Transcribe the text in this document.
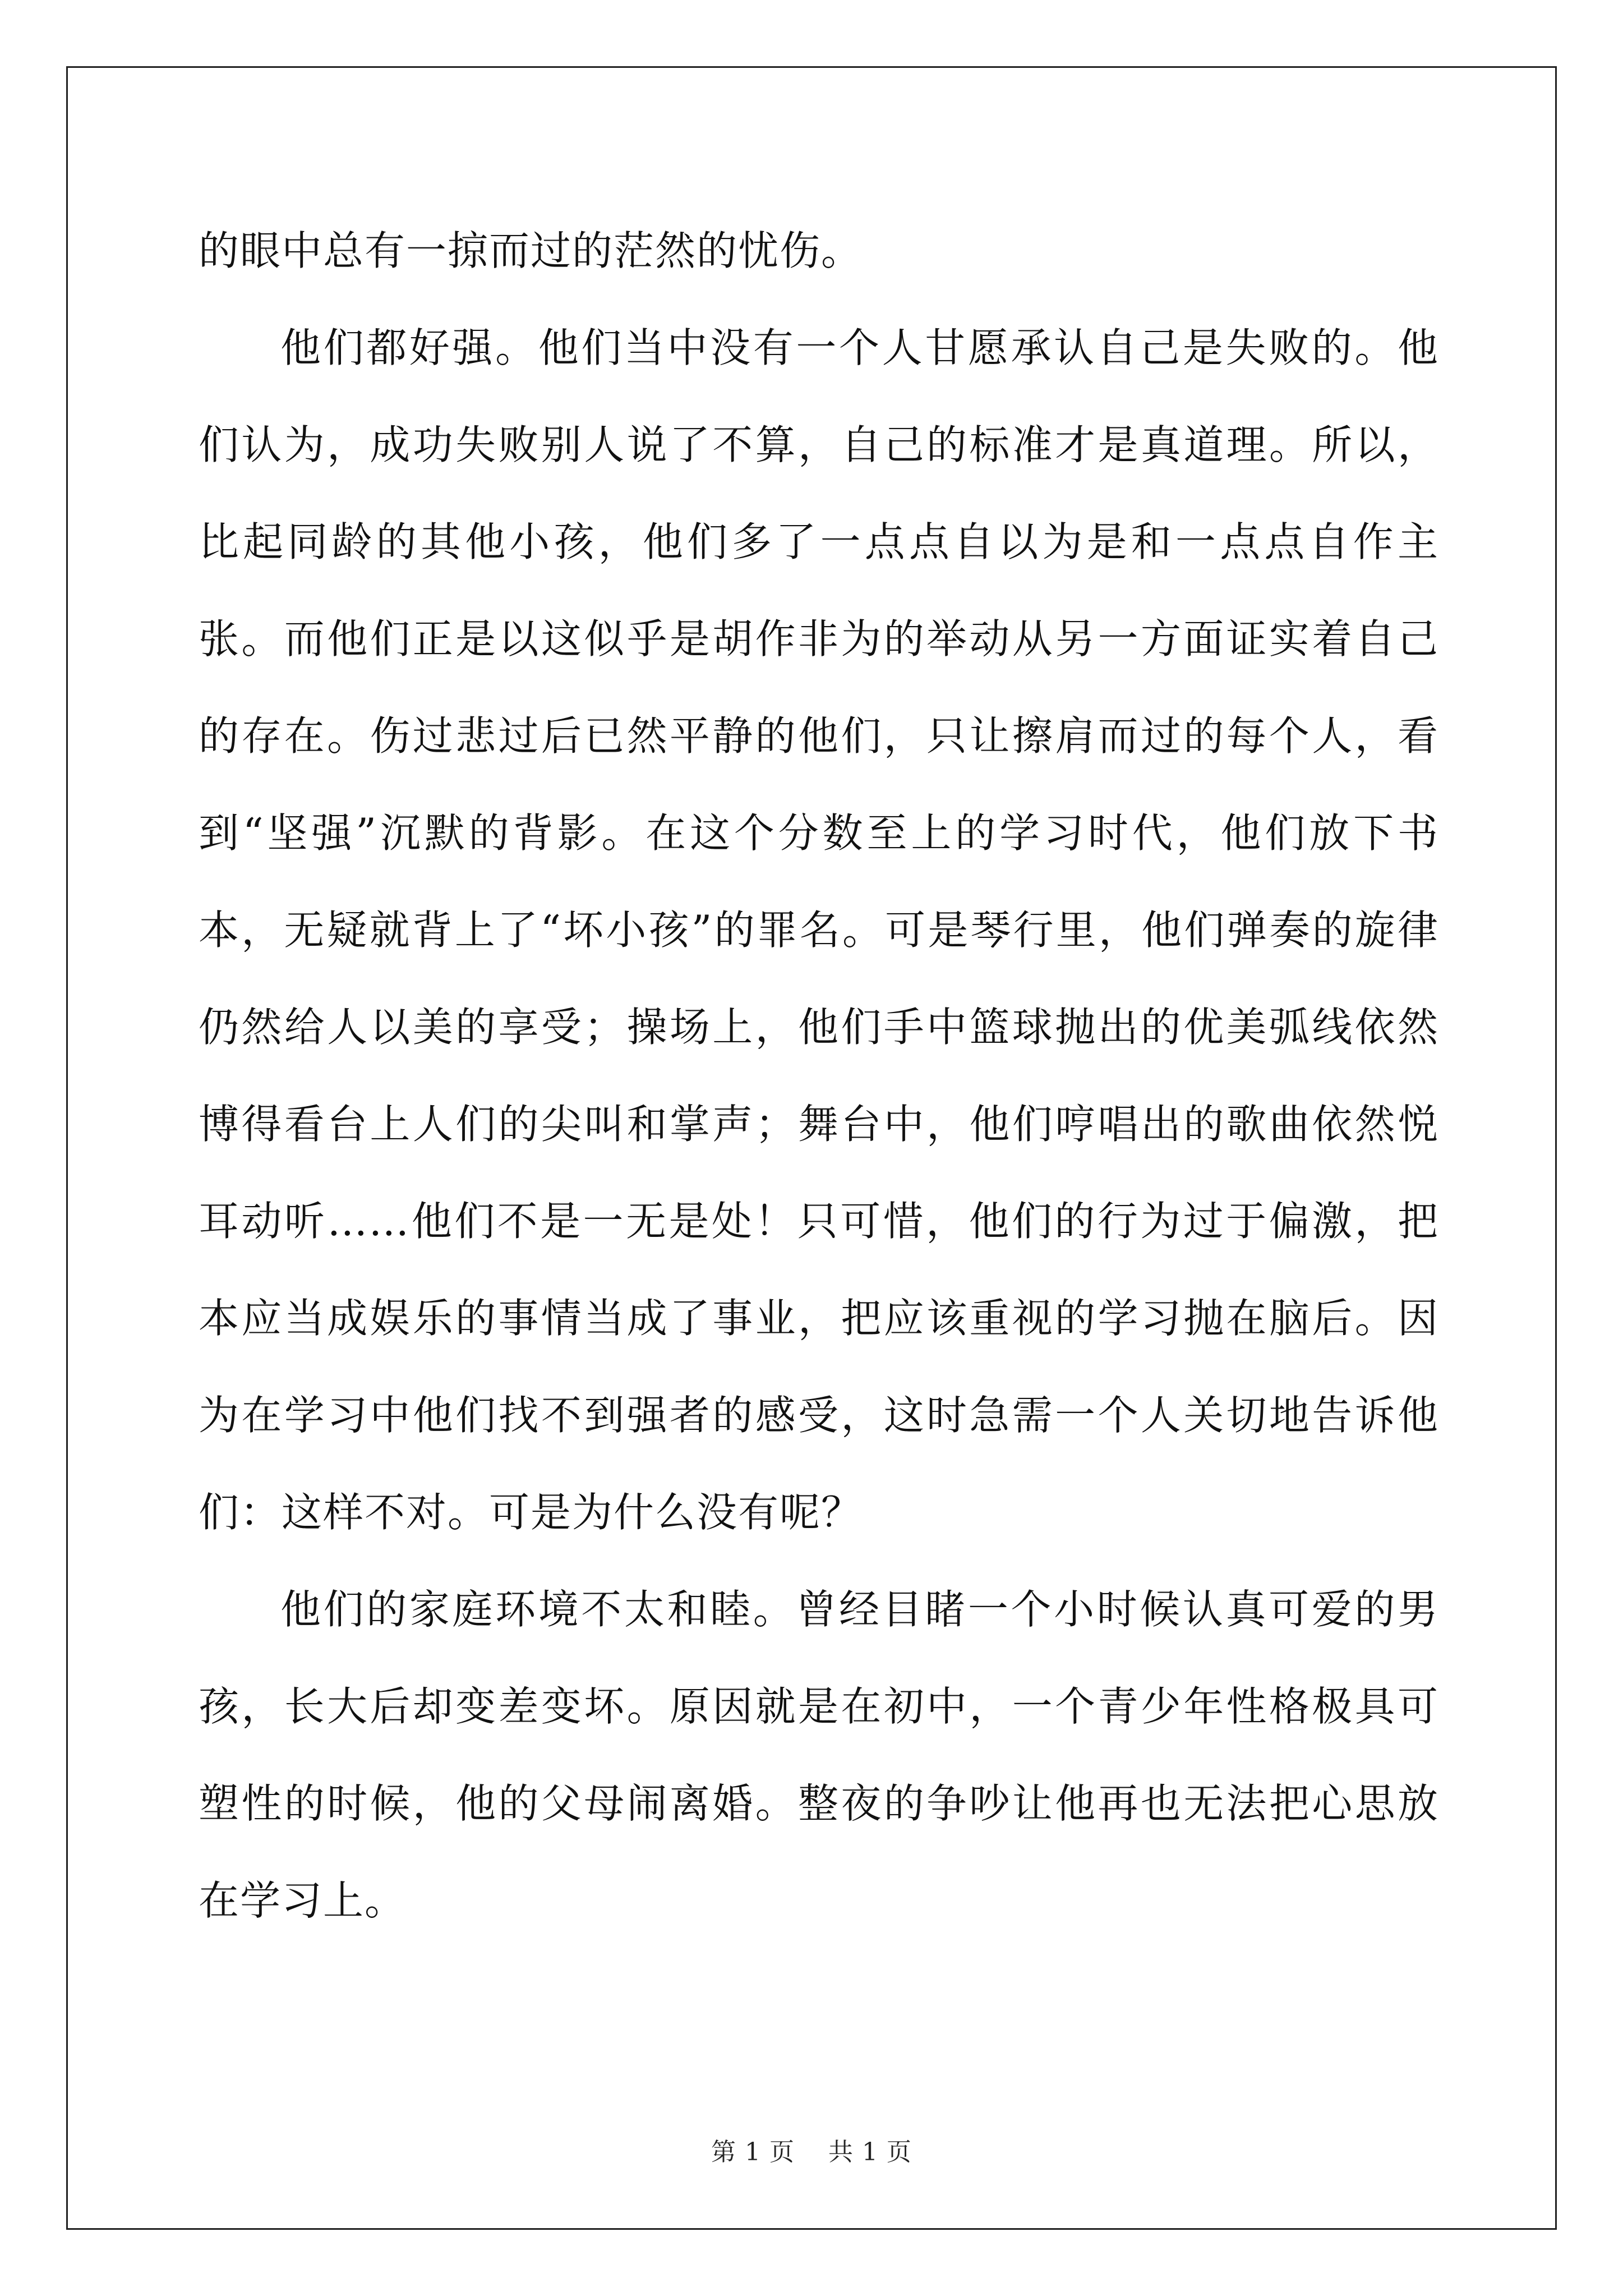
的眼中总有一掠而过的茫然的忧伤。

他们都好强。他们当中没有一个人甘愿承认自己是失败的。他们认为，成功失败别人说了不算，自己的标准才是真道理。所以，比起同龄的其他小孩，他们多了一点点自以为是和一点点自作主张。而他们正是以这似乎是胡作非为的举动从另一方面证实着自己的存在。伤过悲过后已然平静的他们，只让擦肩而过的每个人，看到“坚强”沉默的背影。在这个分数至上的学习时代，他们放下书本，无疑就背上了“坏小孩”的罪名。可是琴行里，他们弹奏的旋律仍然给人以美的享受；操场上，他们手中篮球抛出的优美弧线依然博得看台上人们的尖叫和掌声；舞台中，他们哼唱出的歌曲依然悦耳动听……他们不是一无是处！只可惜，他们的行为过于偏激，把本应当成娱乐的事情当成了事业，把应该重视的学习抛在脑后。因为在学习中他们找不到强者的感受，这时急需一个人关切地告诉他们：这样不对。可是为什么没有呢？

他们的家庭环境不太和睦。曾经目睹一个小时候认真可爱的男孩，长大后却变差变坏。原因就是在初中，一个青少年性格极具可塑性的时候，他的父母闹离婚。整夜的争吵让他再也无法把心思放在学习上。

第 1 页 共 1 页
